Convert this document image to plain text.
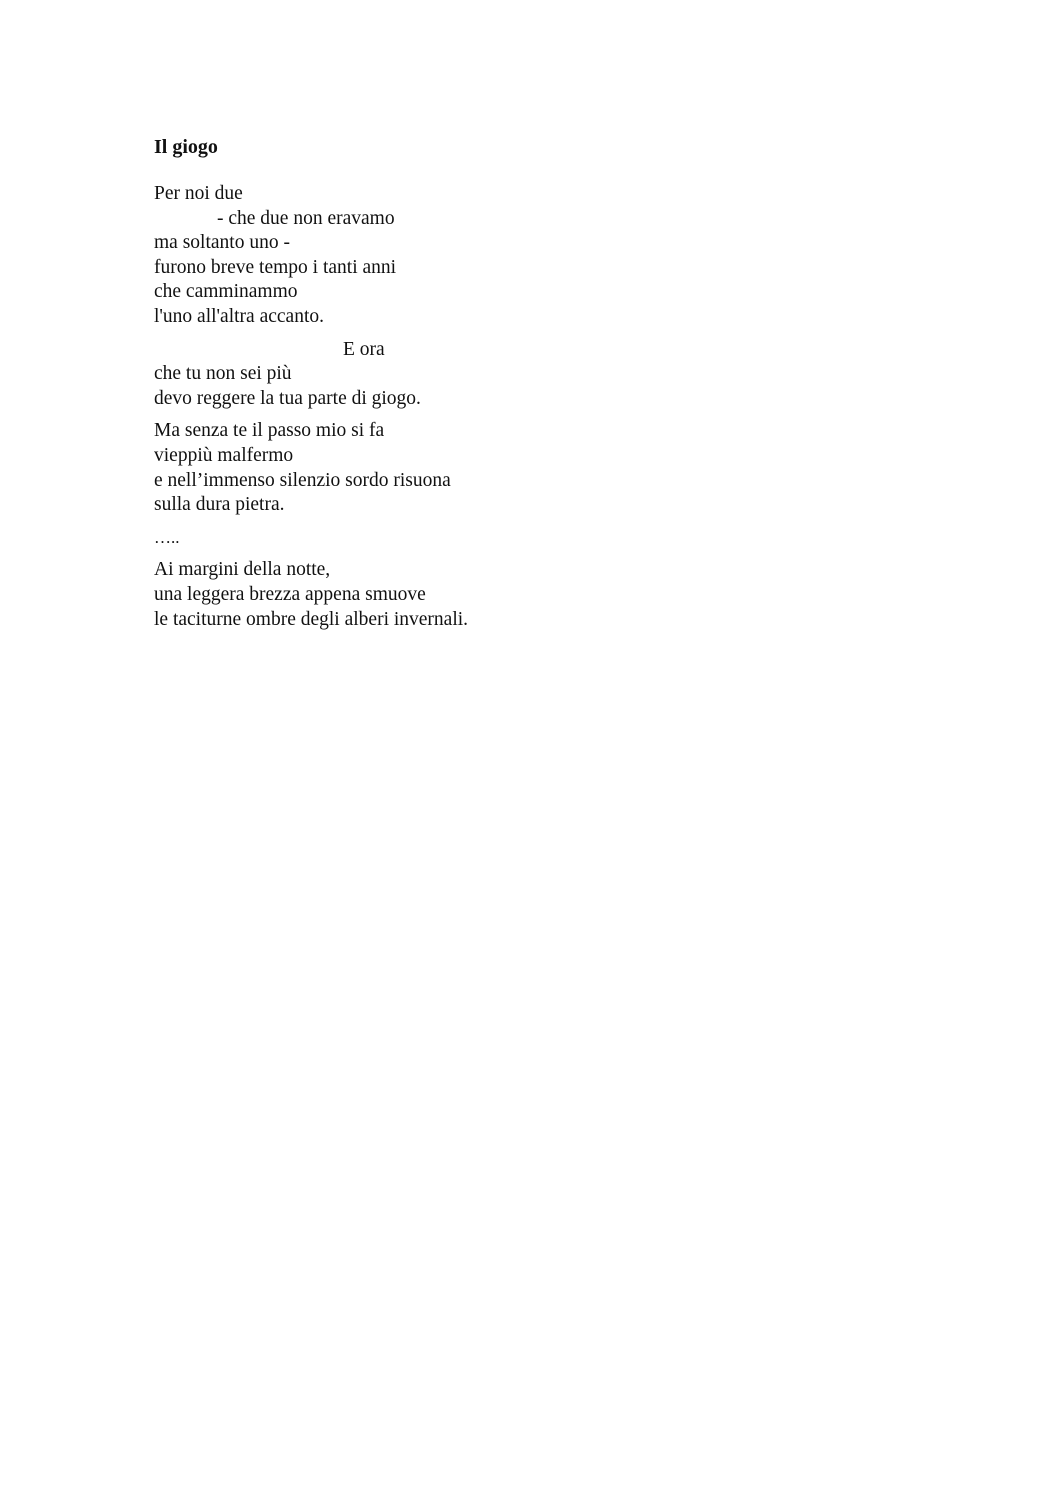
Il giogo
Per noi due
- che due non eravamo
ma soltanto uno -
furono breve tempo i tanti anni
che camminammo
l'uno all'altra accanto.
E ora
che tu non sei più
devo reggere la tua parte di giogo.
Ma senza te il passo mio si fa
vieppiù malfermo
e nell’immenso silenzio sordo risuona
sulla dura pietra.
…..
Ai margini della notte,
una leggera brezza appena smuove
le taciturne ombre degli alberi invernali.
